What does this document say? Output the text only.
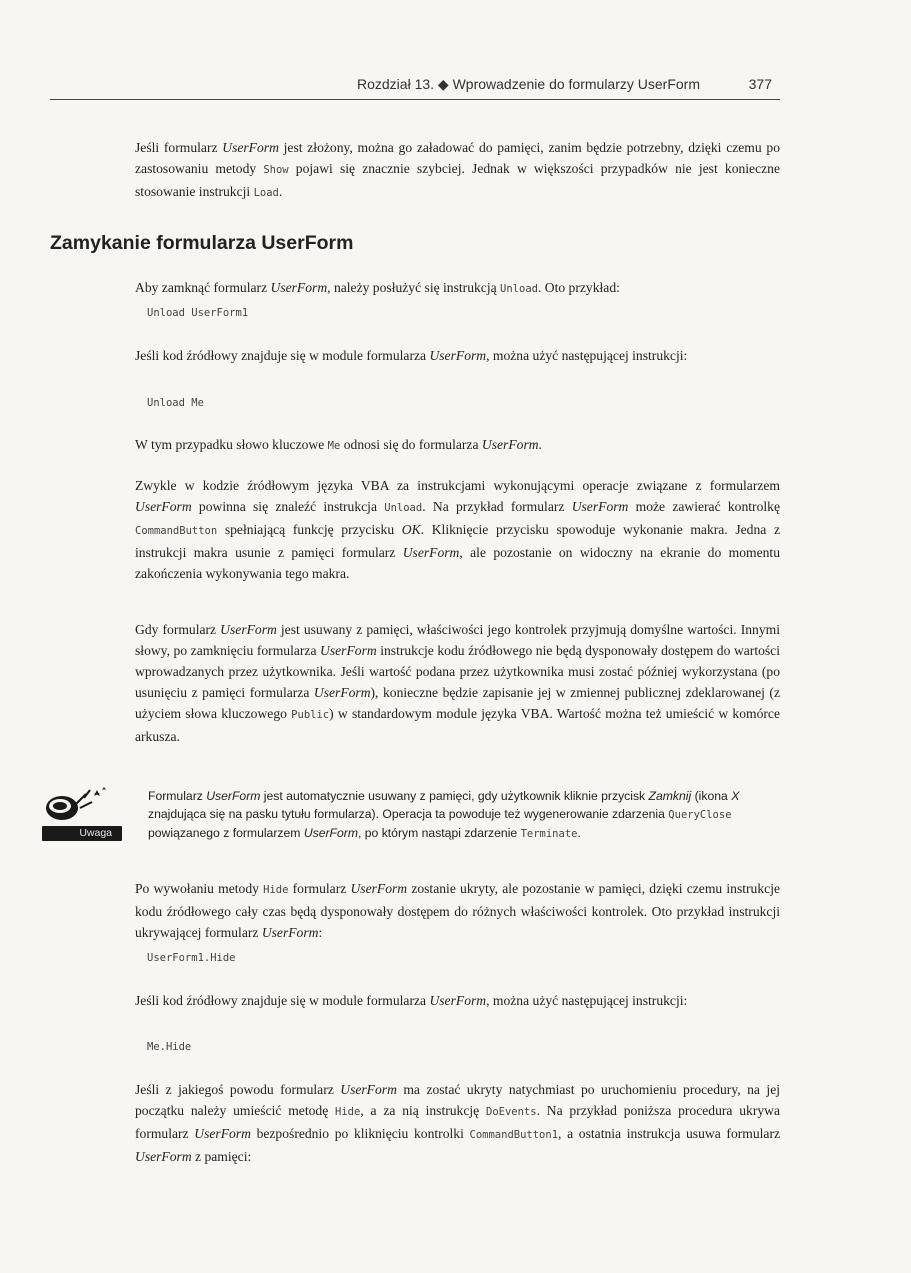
Rozdział 13. ◆ Wprowadzenie do formularzy UserForm	377

Jeśli formularz UserForm jest złożony, można go załadować do pamięci, zanim będzie potrzebny, dzięki czemu po zastosowaniu metody Show pojawi się znacznie szybciej. Jednak w większości przypadków nie jest konieczne stosowanie instrukcji Load.

Zamykanie formularza UserForm

Aby zamknąć formularz UserForm, należy posłużyć się instrukcją Unload. Oto przykład:

Unload UserForm1

Jeśli kod źródłowy znajduje się w module formularza UserForm, można użyć następującej instrukcji:

Unload Me

W tym przypadku słowo kluczowe Me odnosi się do formularza UserForm.

Zwykle w kodzie źródłowym języka VBA za instrukcjami wykonującymi operacje związane z formularzem UserForm powinna się znaleźć instrukcja Unload. Na przykład formularz UserForm może zawierać kontrolkę CommandButton spełniającą funkcję przycisku OK. Kliknięcie przycisku spowoduje wykonanie makra. Jedna z instrukcji makra usunie z pamięci formularz UserForm, ale pozostanie on widoczny na ekranie do momentu zakończenia wykonywania tego makra.

Gdy formularz UserForm jest usuwany z pamięci, właściwości jego kontrolek przyjmują domyślne wartości. Innymi słowy, po zamknięciu formularza UserForm instrukcje kodu źródłowego nie będą dysponowały dostępem do wartości wprowadzanych przez użytkownika. Jeśli wartość podana przez użytkownika musi zostać później wykorzystana (po usunięciu z pamięci formularza UserForm), konieczne będzie zapisanie jej w zmiennej publicznej zdeklarowanej (z użyciem słowa kluczowego Public) w standardowym module języka VBA. Wartość można też umieścić w komórce arkusza.

Uwaga

Formularz UserForm jest automatycznie usuwany z pamięci, gdy użytkownik kliknie przycisk Zamknij (ikona X znajdująca się na pasku tytułu formularza). Operacja ta powoduje też wygenerowanie zdarzenia QueryClose powiązanego z formularzem UserForm, po którym nastąpi zdarzenie Terminate.

Po wywołaniu metody Hide formularz UserForm zostanie ukryty, ale pozostanie w pamięci, dzięki czemu instrukcje kodu źródłowego cały czas będą dysponowały dostępem do różnych właściwości kontrolek. Oto przykład instrukcji ukrywającej formularz UserForm:

UserForm1.Hide

Jeśli kod źródłowy znajduje się w module formularza UserForm, można użyć następującej instrukcji:

Me.Hide

Jeśli z jakiegoś powodu formularz UserForm ma zostać ukryty natychmiast po uruchomieniu procedury, na jej początku należy umieścić metodę Hide, a za nią instrukcję DoEvents. Na przykład poniższa procedura ukrywa formularz UserForm bezpośrednio po kliknięciu kontrolki CommandButton1, a ostatnia instrukcja usuwa formularz UserForm z pamięci:
